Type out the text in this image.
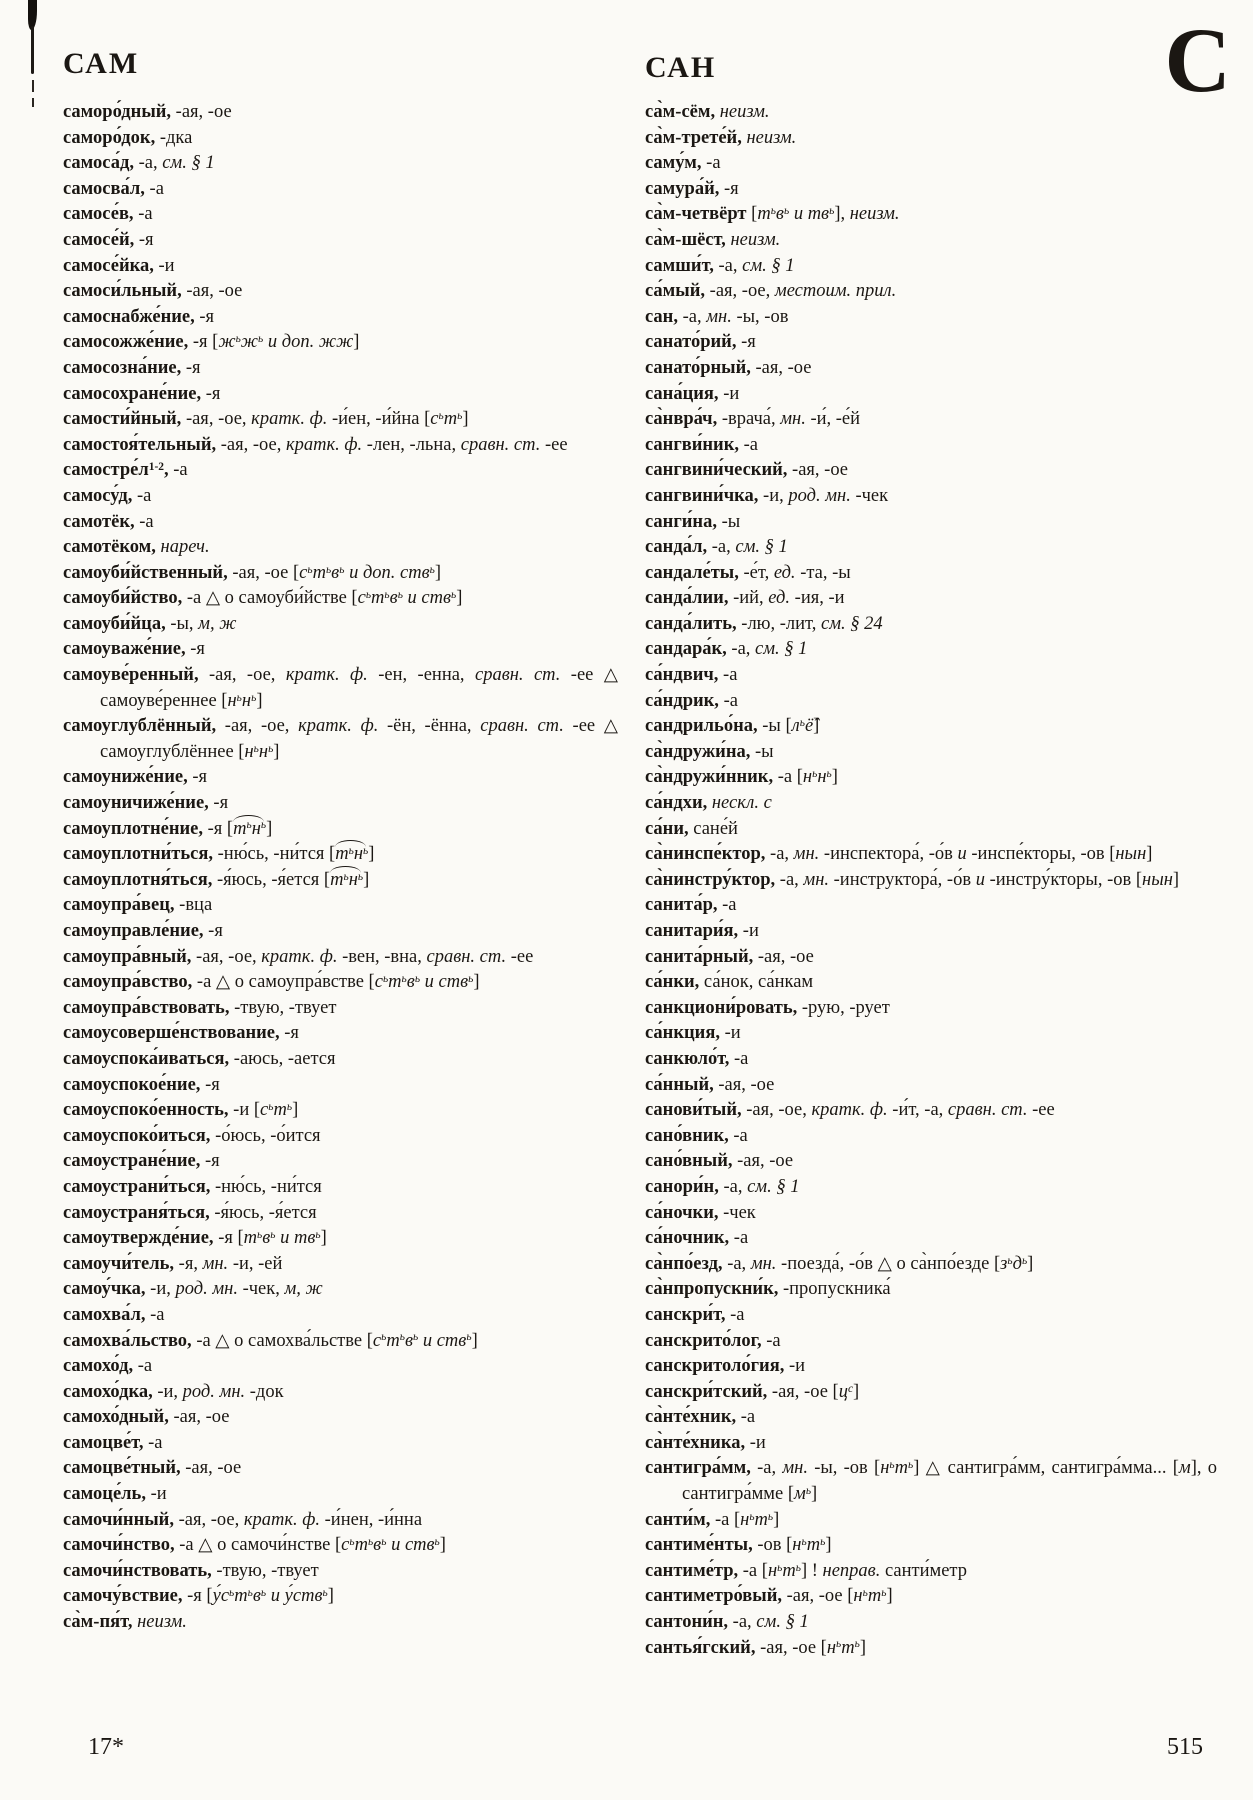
С
САМ
саморо́дный, -ая, -ое
саморо́док, -дка
самоса́д, -а, см. § 1
самосва́л, -а
самосе́в, -а
самосе́й, -я
самосе́йка, -и
самоси́льный, -ая, -ое
самоснабже́ние, -я
самосожже́ние, -я [$ж^ьж^ь$ и доп. жж]
самосозна́ние, -я
самосохране́ние, -я
самости́йный, -ая, -ое, кратк. ф. -и́ен, -и́йна $[с^ьт^ь]$
самостоя́тельный, -ая, -ое, кратк. ф. -лен, -льна, сравн. ст. -ее
$самостре́л^{1-2}$, -а
самосу́д, -а
самотёк, -а
самотёком, нареч.
самоуби́йственный, -ая, -ое [$с^ьт^ьв^ь$ и доп. ств$^ь$]
самоуби́йство, -а △ о самоуби́йстве [$с^ьт^ьв^ь$ и ств$^ь$]
самоуби́йца, -ы, м, ж
самоуваже́ние, -я
самоуве́ренный, -ая, -ое, кратк. ф. -ен, -енна, сравн. ст. -ее △ самоуве́реннее $[н^ьн^ь]$
самоуглублённый, -ая, -ое, кратк. ф. -ён, -ённа, сравн. ст. -ее △ самоуглублённее $[н^ьн^ь]$
самоуниже́ние, -я
самоуничиже́ние, -я
самоуплотне́ние, -я $[т^ьн^ь]$
самоуплотни́ться, -ню́сь, -ни́тся $[т^ьн^ь]$
самоуплотня́ться, -я́юсь, -я́ется $[т^ьн^ь]$
самоупра́вец, -вца
самоуправле́ние, -я
самоупра́вный, -ая, -ое, кратк. ф. -вен, -вна, сравн. ст. -ее
самоупра́вство, -а △ о самоупра́встве [$с^ьт^ьв^ь$ и ств$^ь$]
самоупра́вствовать, -твую, -твует
самоусоверше́нствование, -я
самоуспока́иваться, -аюсь, -ается
самоуспокое́ние, -я
самоуспоко́енность, -и $[с^ьт^ь]$
самоуспоко́иться, -о́юсь, -о́ится
самоустране́ние, -я
самоустрани́ться, -ню́сь, -ни́тся
самоустраня́ться, -я́юсь, -я́ется
самоутвержде́ние, -я [$т^ьв^ь$ и $тв^ь$]
самоучи́тель, -я, мн. -и, -ей
самоу́чка, -и, род. мн. -чек, м, ж
самохва́л, -а
самохва́льство, -а △ о самохва́льстве [$с^ьт^ьв^ь$ и ств$^ь$]
самохо́д, -а
самохо́дка, -и, род. мн. -док
самохо́дный, -ая, -ое
самоцве́т, -а
самоцве́тный, -ая, -ое
самоце́ль, -и
самочи́нный, -ая, -ое, кратк. ф. -и́нен, -и́нна
самочи́нство, -а △ о самочи́нстве [$с^ьт^ьв^ь$ и ств$^ь$]
самочи́нствовать, -твую, -твует
самочу́вствие, -я [$у́с^ьт^ьв^ь$ и у́ств$^ь$]
са̀м-пя́т, неизм.
САН
са̀м-сём, неизм.
са̀м-трете́й, неизм.
саму́м, -а
самура́й, -я
са̀м-четвёрт [$т^ьв^ь$ и $тв^ь$], неизм.
са̀м-шёст, неизм.
самши́т, -а, см. § 1
са́мый, -ая, -ое, местоим. прил.
сан, -а, мн. -ы, -ов
санато́рий, -я
санато́рный, -ая, -ое
сана́ция, -и
са̀нвра́ч, -врача́, мн. -и́, -е́й
сангви́ник, -а
сангвини́ческий, -ая, -ое
сангвини́чка, -и, род. мн. -чек
санги́на, -ы
санда́л, -а, см. § 1
сандале́ты, -е́т, ед. -та, -ы
санда́лии, -ий, ед. -ия, -и
санда́лить, -лю, -лит, см. § 24
сандара́к, -а, см. § 1
са́ндвич, -а
са́ндрик, -а
сандрильо́на, -ы $[л^ьё̂]$
са̀ндружи́на, -ы
са̀ндружи́нник, -а $[н^ьн^ь]$
са́ндхи, нескл. с
са́ни, сане́й
са̀нинспе́ктор, -а, мн. -инспектора́, -о́в и -инспе́кторы, -ов [нын]
са̀нинстру́ктор, -а, мн. -инструктора́, -о́в и -инстру́кторы, -ов [нын]
санита́р, -а
санитари́я, -и
санита́рный, -ая, -ое
са́нки, са́нок, са́нкам
санкциони́ровать, -рую, -рует
са́нкция, -и
санкюло́т, -а
са́нный, -ая, -ое
санови́тый, -ая, -ое, кратк. ф. -и́т, -а, сравн. ст. -ее
сано́вник, -а
сано́вный, -ая, -ое
санори́н, -а, см. § 1
са́ночки, -чек
са́ночник, -а
са̀нпо́езд, -а, мн. -поезда́, -о́в △ о са̀нпо́езде $[з^ьд^ь]$
са̀нпропускни́к, -пропускника́
санскри́т, -а
санскрито́лог, -а
санскритоло́гия, -и
санскри́тский, -ая, -ое $[ц^с]$
са̀нте́хник, -а
са̀нте́хника, -и
сантигра́мм, -а, мн. -ы, -ов $[н^ьт^ь]$ △ сантигра́мм, сантигра́мма... [м], о сантигра́мме $[м^ь]$
санти́м, -а $[н^ьт^ь]$
сантиме́нты, -ов $[н^ьт^ь]$
сантиме́тр, -а $[н^ьт^ь]$ ! неправ. санти́метр
сантиметро́вый, -ая, -ое $[н^ьт^ь]$
сантони́н, -а, см. § 1
сантья́гский, -ая, -ое $[н^ьт^ь]$
17*	515
